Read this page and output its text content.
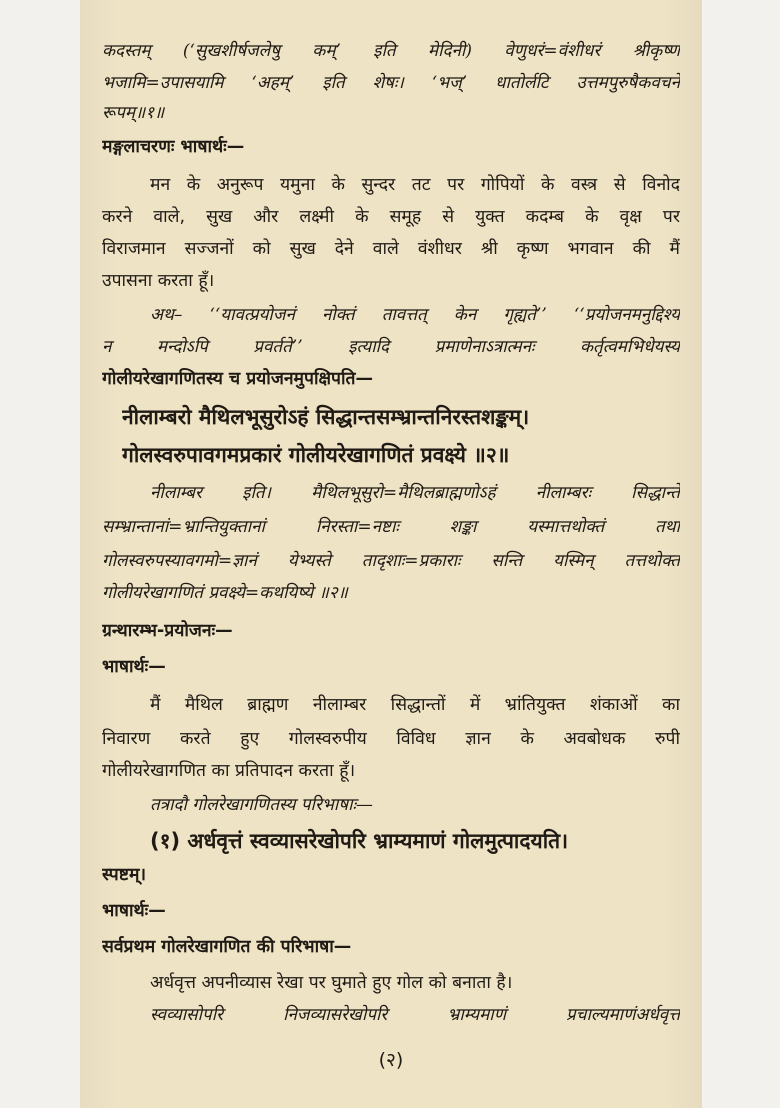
कदस्तम् (‘सुखशीर्षजलेषु कम्’ इति मेदिनी) वेणुधरं=वंशीधरं श्रीकृष्णं
भजामि=उपासयामि ‘अहम्’ इति शेषः। ‘भज्’ धातोर्लटि उत्तमपुरुषैकवचने
रूपम्॥१॥
मङ्गलाचरणः भाषार्थः—
मन के अनुरूप यमुना के सुन्दर तट पर गोपियों के वस्त्र से विनोद
करने वाले, सुख और लक्ष्मी के समूह से युक्त कदम्ब के वृक्ष पर
विराजमान सज्जनों को सुख देने वाले वंशीधर श्री कृष्ण भगवान की मैं
उपासना करता हूँ।
अथ– ‘‘यावत्प्रयोजनं नोक्तं तावत्तत् केन गृह्यते’’ ‘‘प्रयोजनमनुद्दिश्य
न मन्दोऽपि प्रवर्तते’’ इत्यादि प्रमाणेनाऽत्रात्मनः कर्तृत्वमभिधेयस्य
गोलीयरेखागणितस्य च प्रयोजनमुपक्षिपति—
नीलाम्बरो मैथिलभूसुरोऽहं सिद्धान्तसम्भ्रान्तनिरस्तशङ्कम्।
गोलस्वरुपावगमप्रकारं गोलीयरेखागणितं प्रवक्ष्ये ॥२॥
नीलाम्बर इति। मैथिलभूसुरो=मैथिलब्राह्मणोऽहं नीलाम्बरः सिद्धान्ते
सम्भ्रान्तानां=भ्रान्तियुक्तानां निरस्ता=नष्टाः शङ्का यस्मात्तथोक्तं तथा
गोलस्वरुपस्यावगमो=ज्ञानं येभ्यस्ते तादृशाः=प्रकाराः सन्ति यस्मिन् तत्तथोक्तं
गोलीयरेखागणितं प्रवक्ष्ये=कथयिष्ये ॥२॥
ग्रन्थारम्भ-प्रयोजनः—
भाषार्थः—
मैं मैथिल ब्राह्मण नीलाम्बर सिद्धान्तों में भ्रांतियुक्त शंकाओं का
निवारण करते हुए गोलस्वरुपीय विविध ज्ञान के अवबोधक रुपी
गोलीयरेखागणित का प्रतिपादन करता हूँ।
तत्रादौ गोलरेखागणितस्य परिभाषाः—
(१) अर्धवृत्तं स्वव्यासरेखोपरि भ्राम्यमाणं गोलमुत्पादयति।
स्पष्टम्।
भाषार्थः—
सर्वप्रथम गोलरेखागणित की परिभाषा—
अर्धवृत्त अपनीव्यास रेखा पर घुमाते हुए गोल को बनाता है।
स्वव्यासोपरि निजव्यासरेखोपरि भ्राम्यमाणं प्रचाल्यमाणंअर्धवृत्तं
(२)
